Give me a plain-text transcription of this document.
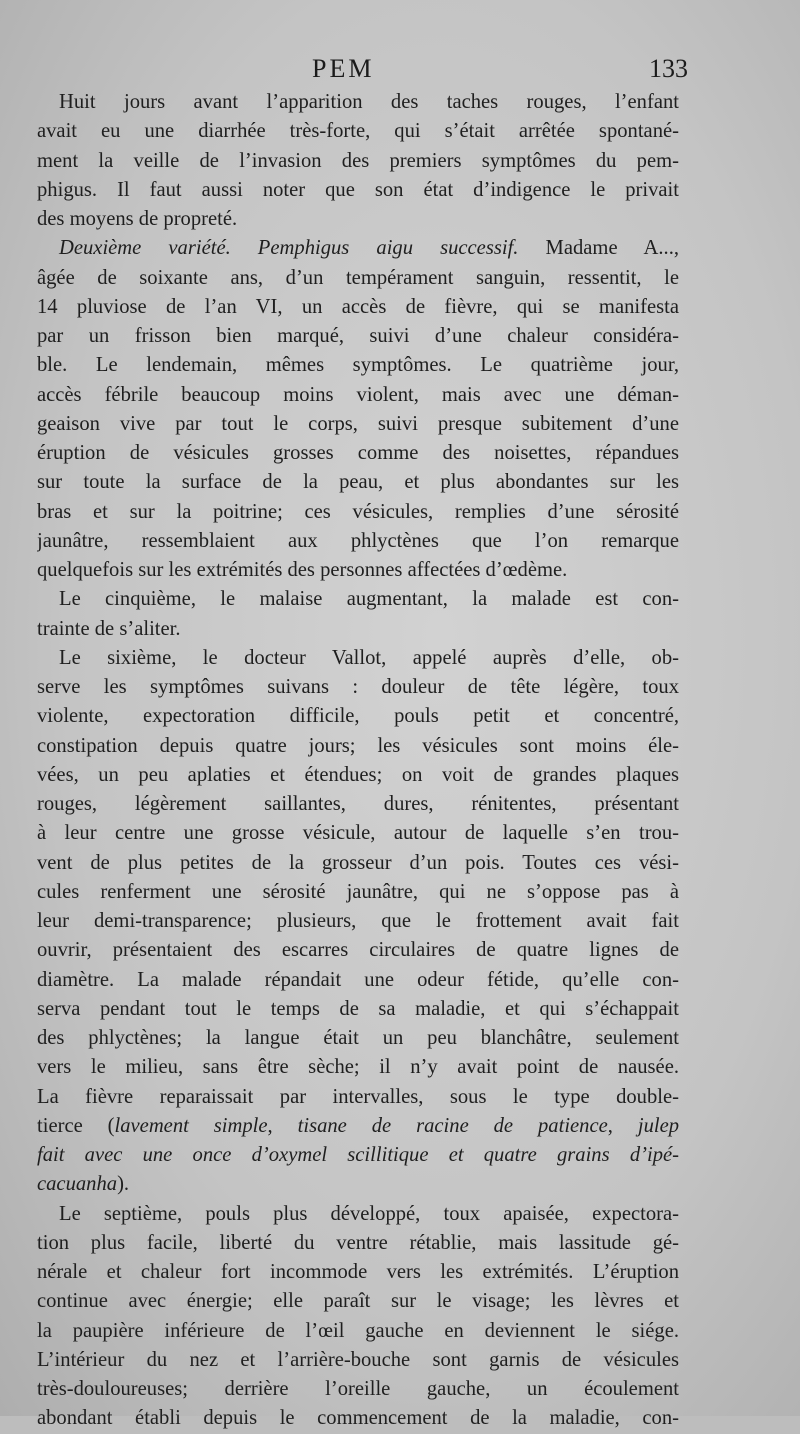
PEM	133
Huit jours avant l’apparition des taches rouges, l’enfant
avait eu une diarrhée très-forte, qui s’était arrêtée spontané-
ment la veille de l’invasion des premiers symptômes du pem-
phigus. Il faut aussi noter que son état d’indigence le privait
des moyens de propreté.
Deuxième variété. Pemphigus aigu successif. Madame A...,
âgée de soixante ans, d’un tempérament sanguin, ressentit, le
14 pluviose de l’an VI, un accès de fièvre, qui se manifesta
par un frisson bien marqué, suivi d’une chaleur considéra-
ble. Le lendemain, mêmes symptômes. Le quatrième jour,
accès fébrile beaucoup moins violent, mais avec une déman-
geaison vive par tout le corps, suivi presque subitement d’une
éruption de vésicules grosses comme des noisettes, répandues
sur toute la surface de la peau, et plus abondantes sur les
bras et sur la poitrine; ces vésicules, remplies d’une sérosité
jaunâtre, ressemblaient aux phlyctènes que l’on remarque
quelquefois sur les extrémités des personnes affectées d’œdème.
Le cinquième, le malaise augmentant, la malade est con-
trainte de s’aliter.
Le sixième, le docteur Vallot, appelé auprès d’elle, ob-
serve les symptômes suivans : douleur de tête légère, toux
violente, expectoration difficile, pouls petit et concentré,
constipation depuis quatre jours; les vésicules sont moins éle-
vées, un peu aplaties et étendues; on voit de grandes plaques
rouges, légèrement saillantes, dures, rénitentes, présentant
à leur centre une grosse vésicule, autour de laquelle s’en trou-
vent de plus petites de la grosseur d’un pois. Toutes ces vési-
cules renferment une sérosité jaunâtre, qui ne s’oppose pas à
leur demi-transparence; plusieurs, que le frottement avait fait
ouvrir, présentaient des escarres circulaires de quatre lignes de
diamètre. La malade répandait une odeur fétide, qu’elle con-
serva pendant tout le temps de sa maladie, et qui s’échappait
des phlyctènes; la langue était un peu blanchâtre, seulement
vers le milieu, sans être sèche; il n’y avait point de nausée.
La fièvre reparaissait par intervalles, sous le type double-
tierce (lavement simple, tisane de racine de patience, julep
fait avec une once d’oxymel scillitique et quatre grains d’ipé-
cacuanha).
Le septième, pouls plus développé, toux apaisée, expectora-
tion plus facile, liberté du ventre rétablie, mais lassitude gé-
nérale et chaleur fort incommode vers les extrémités. L’éruption
continue avec énergie; elle paraît sur le visage; les lèvres et
la paupière inférieure de l’œil gauche en deviennent le siége.
L’intérieur du nez et l’arrière-bouche sont garnis de vésicules
très-douloureuses; derrière l’oreille gauche, un écoulement
abondant établi depuis le commencement de la maladie, con-
